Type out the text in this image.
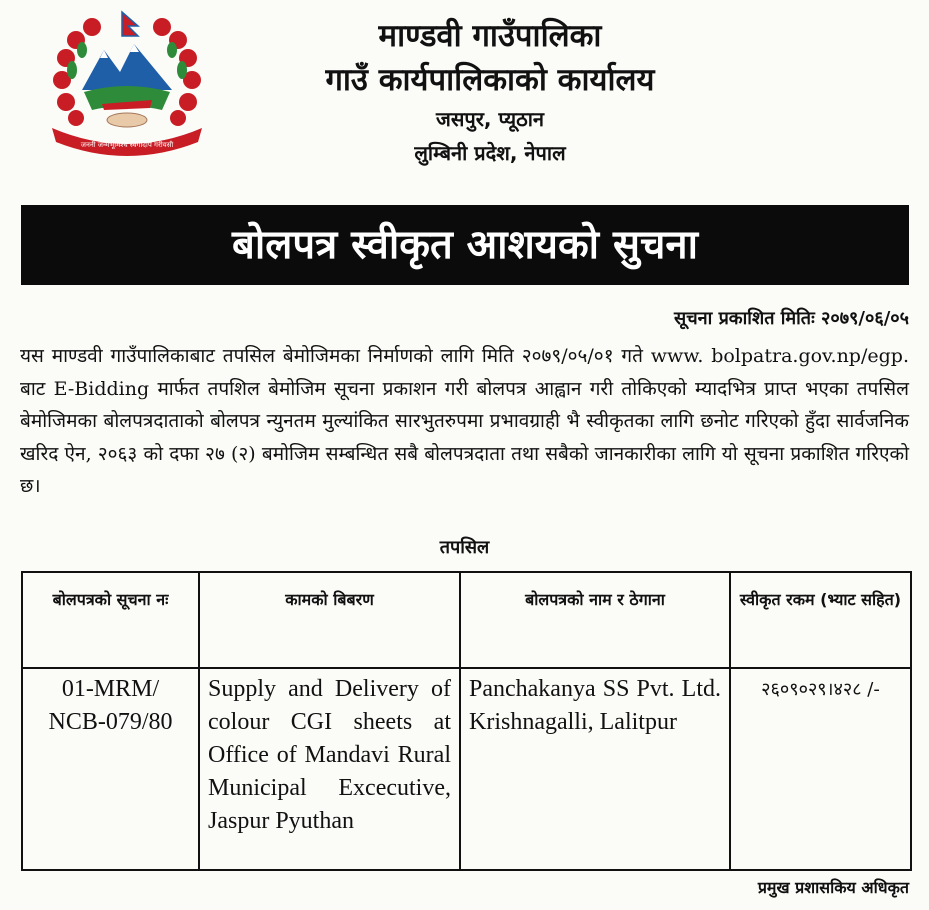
जननी जन्मभूमिश्च स्वर्गादपि गरीयसी
माण्डवी गाउँपालिका
गाउँ कार्यपालिकाको कार्यालय
जसपुर, प्यूठान
लुम्बिनी प्रदेश, नेपाल
बोलपत्र स्वीकृत आशयको सुचना
सूचना प्रकाशित मितिः २०७९/०६/०५
यस माण्डवी गाउँपालिकाबाट तपसिल बेमोजिमका निर्माणको लागि मिति २०७९/०५/०१ गते www. bolpatra.gov.np/egp. बाट E-Bidding मार्फत तपशिल बेमोजिम सूचना प्रकाशन गरी बोलपत्र आह्वान गरी तोकिएको म्यादभित्र प्राप्त भएका तपसिल बेमोजिमका बोलपत्रदाताको बोलपत्र न्युनतम मुल्यांकित सारभुतरुपमा प्रभावग्राही भै स्वीकृतका लागि छनोट गरिएको हुँदा सार्वजनिक खरिद ऐन, २०६३ को दफा २७ (२) बमोजिम सम्बन्धित सबै बोलपत्रदाता तथा सबैको जानकारीका लागि यो सूचना प्रकाशित गरिएको छ।
तपसिल
बोलपत्रको सूचना नः	कामको बिबरण	बोलपत्रको नाम र ठेगाना	स्वीकृत रकम (भ्याट सहित)
01-MRM/ NCB-079/80	Supply and Delivery of colour CGI sheets at Office of Mandavi Rural Municipal Excecutive, Jaspur Pyuthan	Panchakanya SS Pvt. Ltd. Krishnagalli, Lalitpur	२६०९०२९।४२८ /-
प्रमुख प्रशासकिय अधिकृत
